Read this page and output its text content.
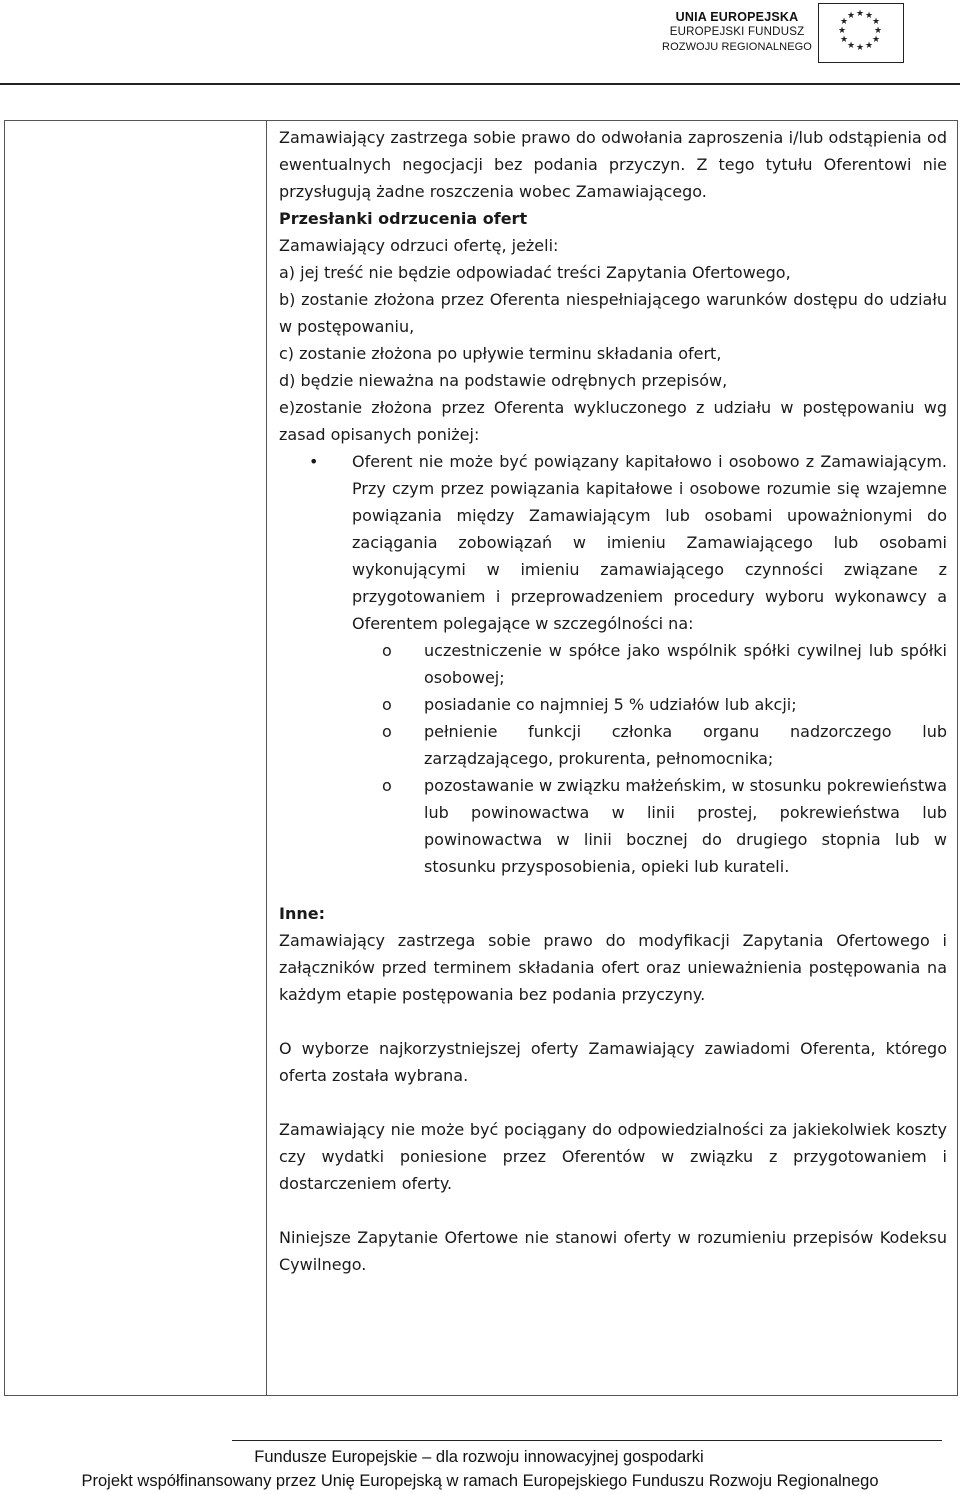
UNIA EUROPEJSKA
EUROPEJSKI FUNDUSZ
ROZWOJU REGIONALNEGO
★ ★
★
★
★
★
★
★
★
★
★
★

Zamawiający zastrzega sobie prawo do odwołania zaproszenia i/lub odstąpienia od ewentualnych negocjacji bez podania przyczyn. Z tego tytułu Oferentowi nie przysługują żadne roszczenia wobec Zamawiającego.

Przesłanki odrzucenia ofert

Zamawiający odrzuci ofertę, jeżeli:

a) jej treść nie będzie odpowiadać treści Zapytania Ofertowego,

b) zostanie złożona przez Oferenta niespełniającego warunków dostępu do udziału w postępowaniu,

c) zostanie złożona po upływie terminu składania ofert,

d) będzie nieważna na podstawie odrębnych przepisów,

e)zostanie złożona przez Oferenta wykluczonego z udziału w postępowaniu wg zasad opisanych poniżej:

• Oferent nie może być powiązany kapitałowo i osobowo z Zamawiającym. Przy czym przez powiązania kapitałowe i osobowe rozumie się wzajemne powiązania między Zamawiającym lub osobami upoważnionymi do zaciągania zobowiązań w imieniu Zamawiającego lub osobami wykonującymi w imieniu zamawiającego czynności związane z przygotowaniem i przeprowadzeniem procedury wyboru wykonawcy a Oferentem polegające w szczególności na:
o uczestniczenie w spółce jako wspólnik spółki cywilnej lub spółki osobowej;
o posiadanie co najmniej 5 % udziałów lub akcji;
o pełnienie funkcji członka organu nadzorczego lub zarządzającego, prokurenta, pełnomocnika;
o pozostawanie w związku małżeńskim, w stosunku pokrewieństwa lub powinowactwa w linii prostej, pokrewieństwa lub powinowactwa w linii bocznej do drugiego stopnia lub w stosunku przysposobienia, opieki lub kurateli.

Inne:

Zamawiający zastrzega sobie prawo do modyfikacji Zapytania Ofertowego i załączników przed terminem składania ofert oraz unieważnienia postępowania na każdym etapie postępowania bez podania przyczyny.

O wyborze najkorzystniejszej oferty Zamawiający zawiadomi Oferenta, którego oferta została wybrana.

Zamawiający nie może być pociągany do odpowiedzialności za jakiekolwiek koszty czy wydatki poniesione przez Oferentów w związku z przygotowaniem i dostarczeniem oferty.

Niniejsze Zapytanie Ofertowe nie stanowi oferty w rozumieniu przepisów Kodeksu Cywilnego.

Fundusze Europejskie – dla rozwoju innowacyjnej gospodarki
Projekt współfinansowany przez Unię Europejską w ramach Europejskiego Funduszu Rozwoju Regionalnego
